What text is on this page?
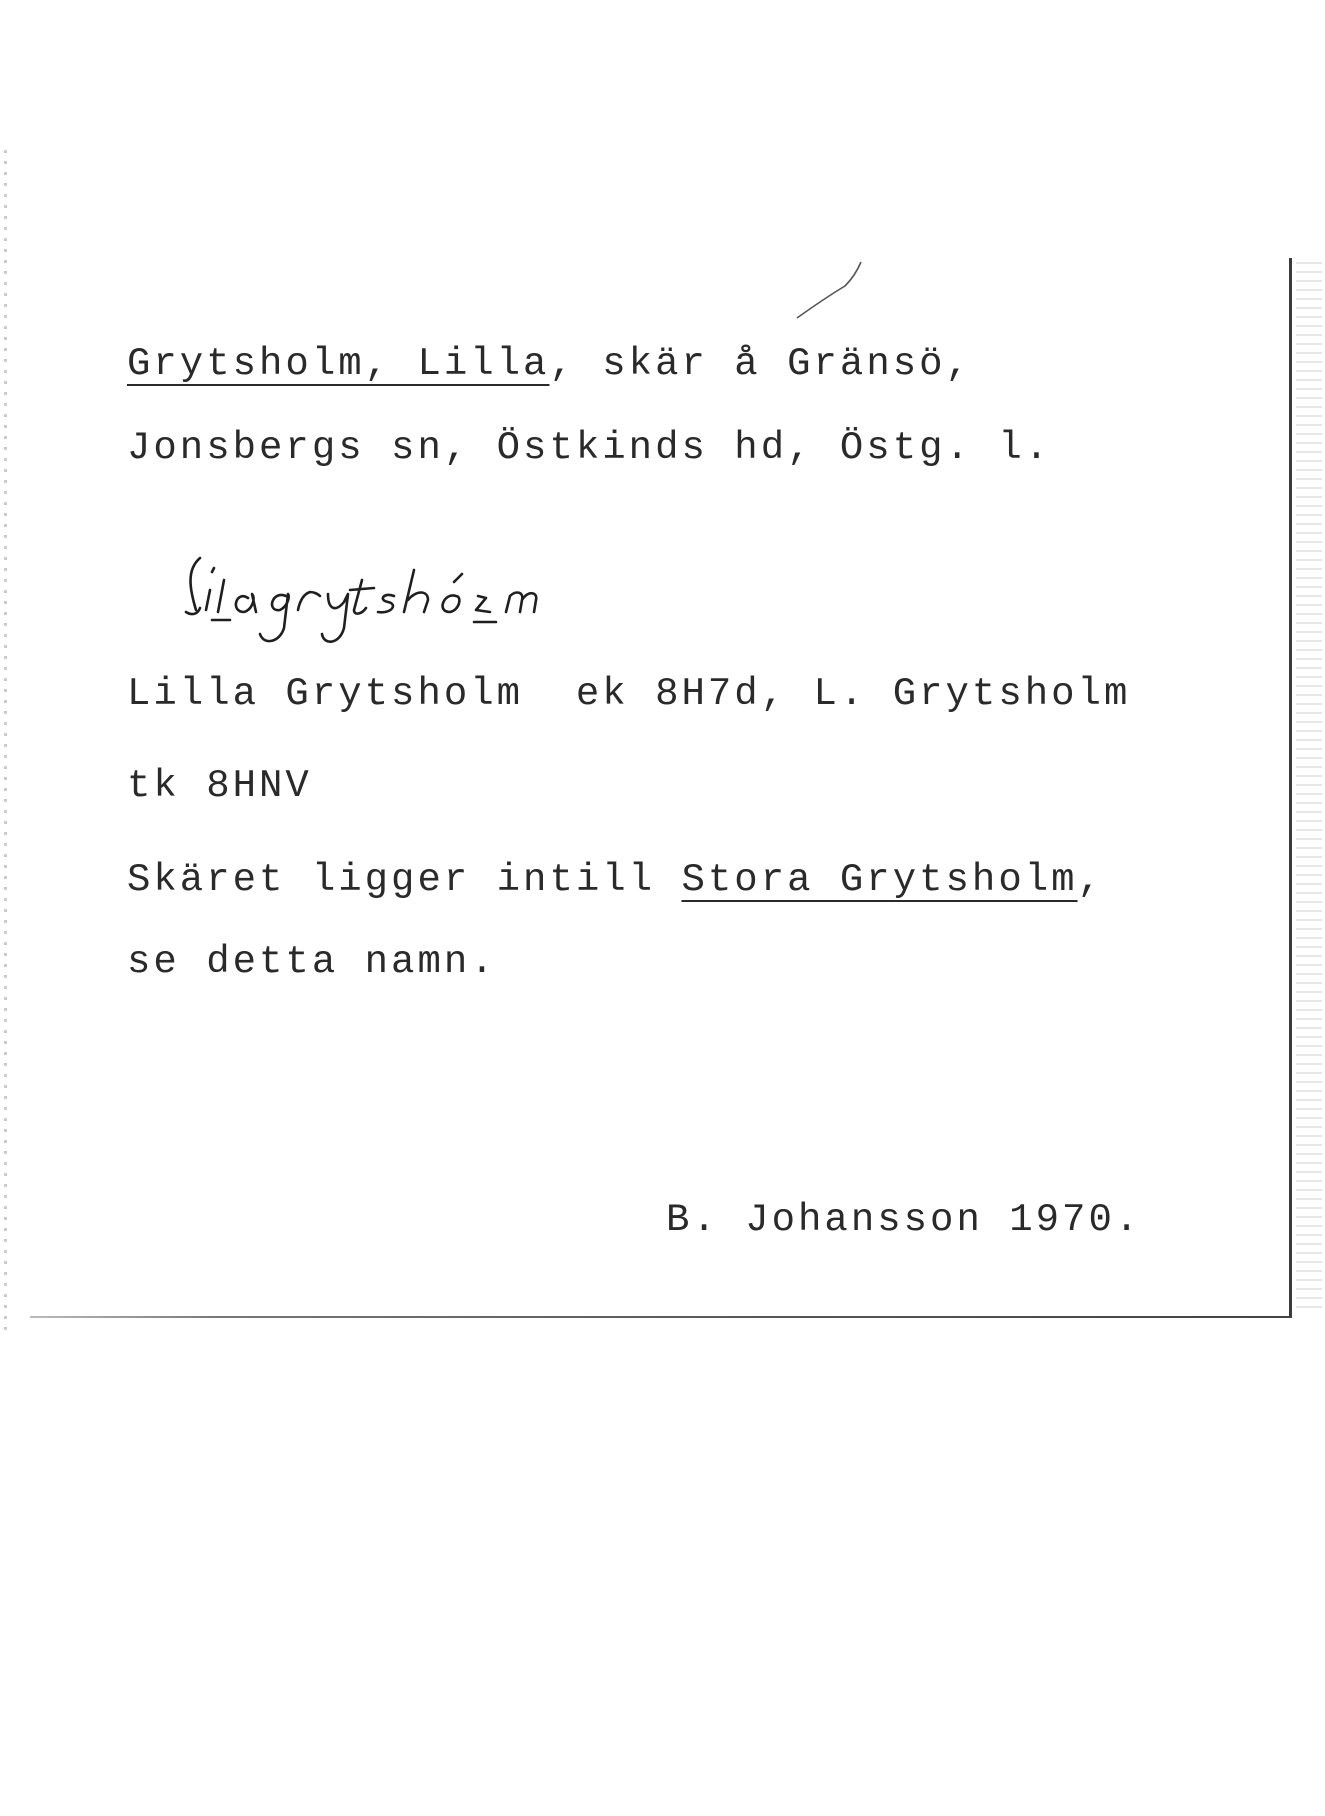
Grytsholm, Lilla, skär å Gränsö,

Jonsbergs sn, Östkinds hd, Östg. l.

Lilla Grytsholm  ek 8H7d, L. Grytsholm

tk 8HNV

Skäret ligger intill Stora Grytsholm,

se detta namn.

B. Johansson 1970.
